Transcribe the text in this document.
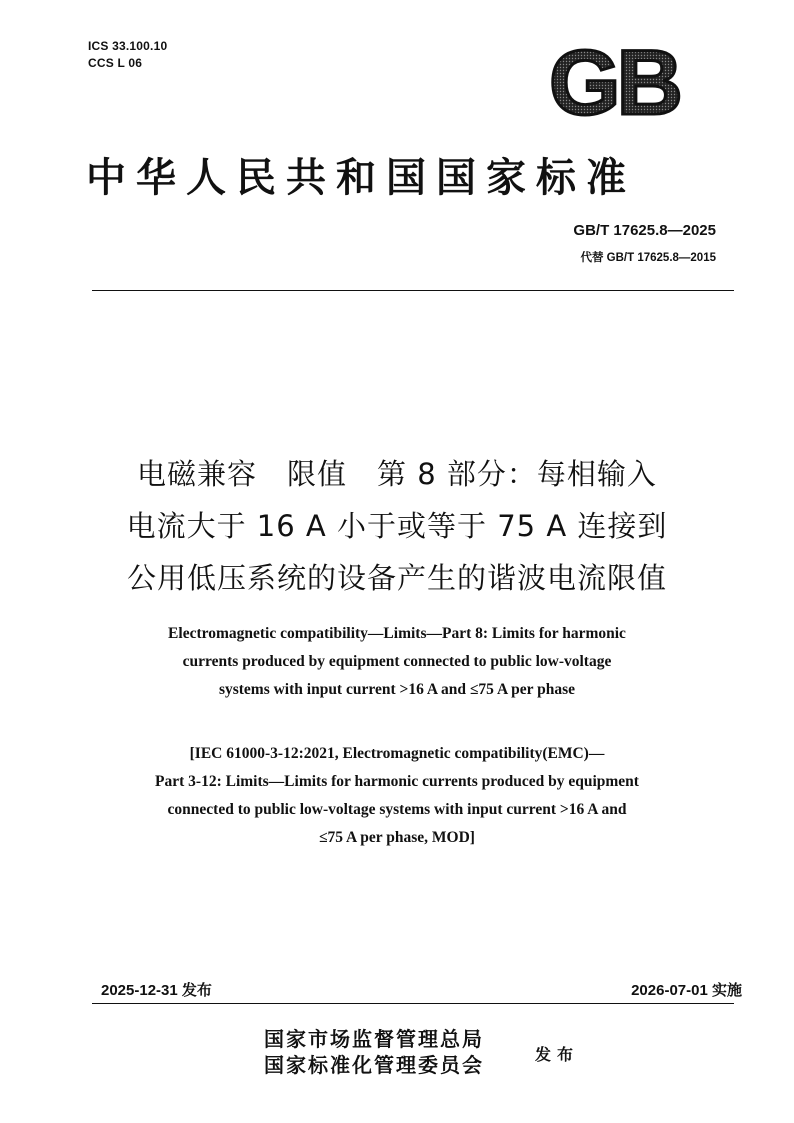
ICS 33.100.10
CCS L 06	GB
中华人民共和国国家标准
GB/T 17625.8—2025
代替 GB/T 17625.8—2015
电磁兼容　限值　第 8 部分：每相输入
电流大于 16 A 小于或等于 75 A 连接到
公用低压系统的设备产生的谐波电流限值
Electromagnetic compatibility—Limits—Part 8: Limits for harmonic
currents produced by equipment connected to public low-voltage
systems with input current >16 A and ≤75 A per phase
[IEC 61000-3-12:2021, Electromagnetic compatibility(EMC)—
Part 3-12: Limits—Limits for harmonic currents produced by equipment
connected to public low-voltage systems with input current >16 A and
≤75 A per phase, MOD]
2025-12-31 发布	2026-07-01 实施
国家市场监督管理总局
国家标准化管理委员会	发布
